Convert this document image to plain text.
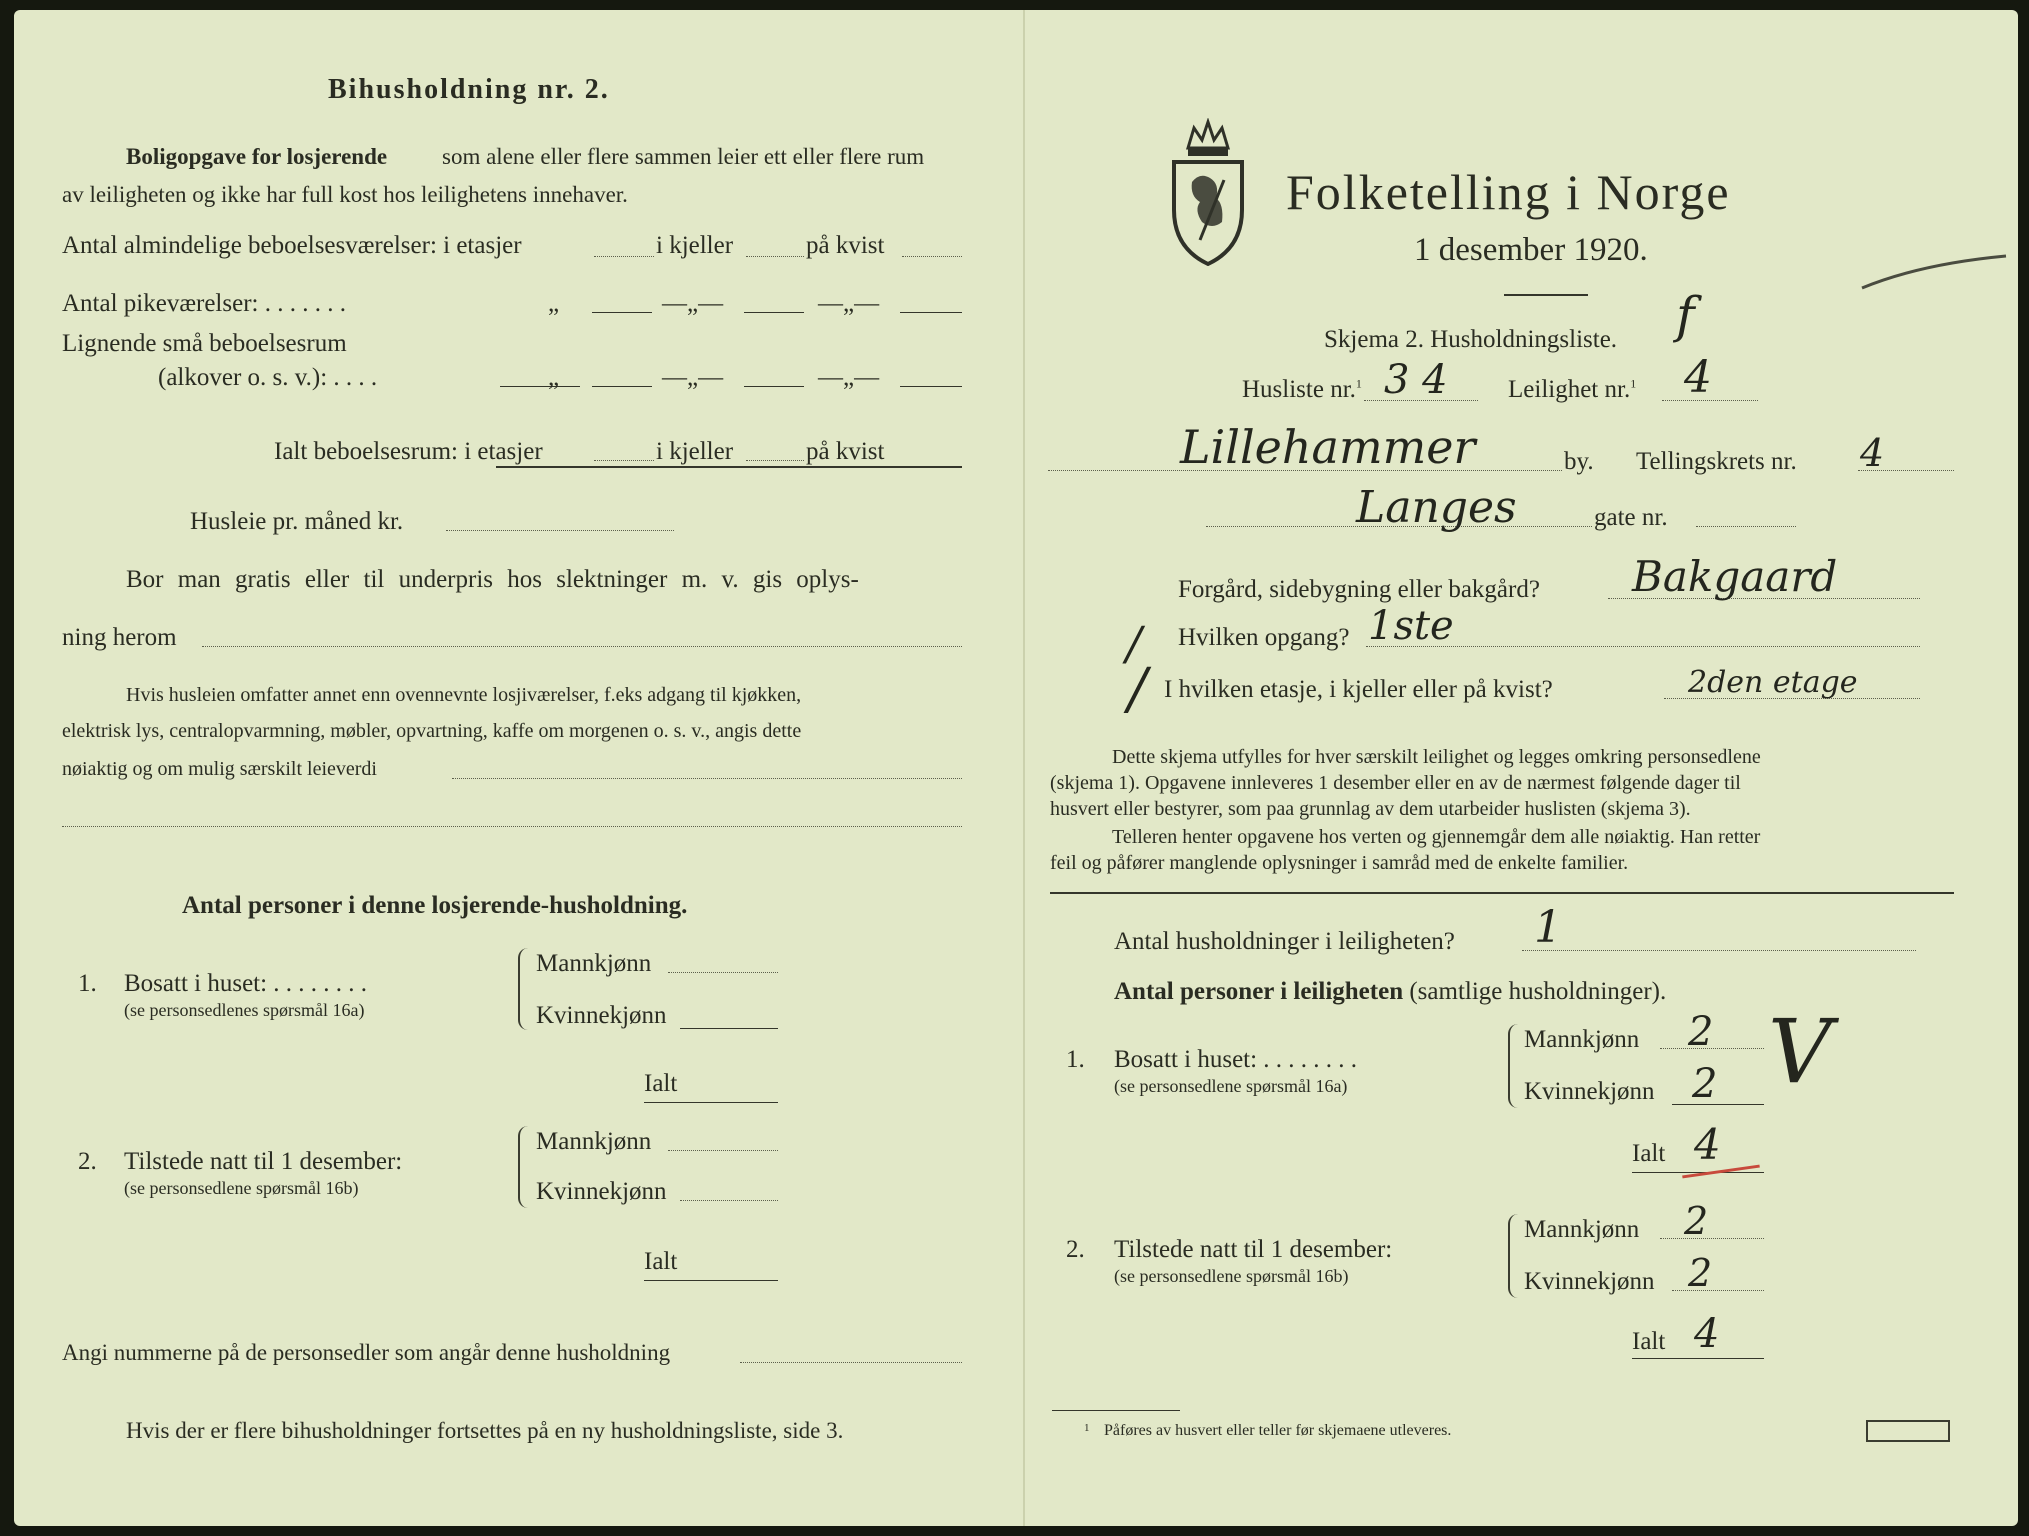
Bihusholdning nr. 2.
Boligopgave for losjerende som alene eller flere sammen leier ett eller flere rum
av leiligheten og ikke har full kost hos leilighetens innehaver.
Antal almindelige beboelsesværelser: i etasjer	i kjeller	på kvist
Antal pikeværelser: . . . . . . .	„	—„—	—„—
Lignende små beboelsesrum
(alkover o. s. v.): . . . .	„	—„—	—„—
Ialt beboelsesrum: i etasjer	i kjeller	på kvist
Husleie pr. måned kr.
Bor man gratis eller til underpris hos slektninger m. v. gis oplys-
ning herom
Hvis husleien omfatter annet enn ovennevnte losjiværelser, f.eks adgang til kjøkken,
elektrisk lys, centralopvarmning, møbler, opvartning, kaffe om morgenen o. s. v., angis dette
nøiaktig og om mulig særskilt leieverdi
Antal personer i denne losjerende-husholdning.
1. Bosatt i huset: . . . . . . . .
(se personsedlenes spørsmål 16a)
Mannkjønn
Kvinnekjønn
Ialt
2. Tilstede natt til 1 desember:
(se personsedlene spørsmål 16b)
Mannkjønn
Kvinnekjønn
Ialt
Angi nummerne på de personsedler som angår denne husholdning
Hvis der er flere bihusholdninger fortsettes på en ny husholdningsliste, side 3.
Folketelling i Norge
1 desember 1920.
Skjema 2. Husholdningsliste. f
Husliste nr.$^1$ 3 4 Leilighet nr.$^1$ 4
Lillehammer	by. Tellingskrets nr. 4
Langes	gate nr.
Forgård, sidebygning eller bakgård? Bakgaard
/ Hvilken opgang? 1ste
/ I hvilken etasje, i kjeller eller på kvist?	2den etage
Dette skjema utfylles for hver særskilt leilighet og legges omkring personsedlene
(skjema 1). Opgavene innleveres 1 desember eller en av de nærmest følgende dager til
husvert eller bestyrer, som paa grunnlag av dem utarbeider huslisten (skjema 3).
Telleren henter opgavene hos verten og gjennemgår dem alle nøiaktig. Han retter
feil og påfører manglende oplysninger i samråd med de enkelte familier.
Antal husholdninger i leiligheten? 1
Antal personer i leiligheten (samtlige husholdninger).
1. Bosatt i huset: . . . . . . . .
(se personsedlene spørsmål 16a)
Mannkjønn 2
Kvinnekjønn 2 V
Ialt 4
2. Tilstede natt til 1 desember:
(se personsedlene spørsmål 16b)
Mannkjønn 2
Kvinnekjønn 2
Ialt 4
1 Påføres av husvert eller teller før skjemaene utleveres.
